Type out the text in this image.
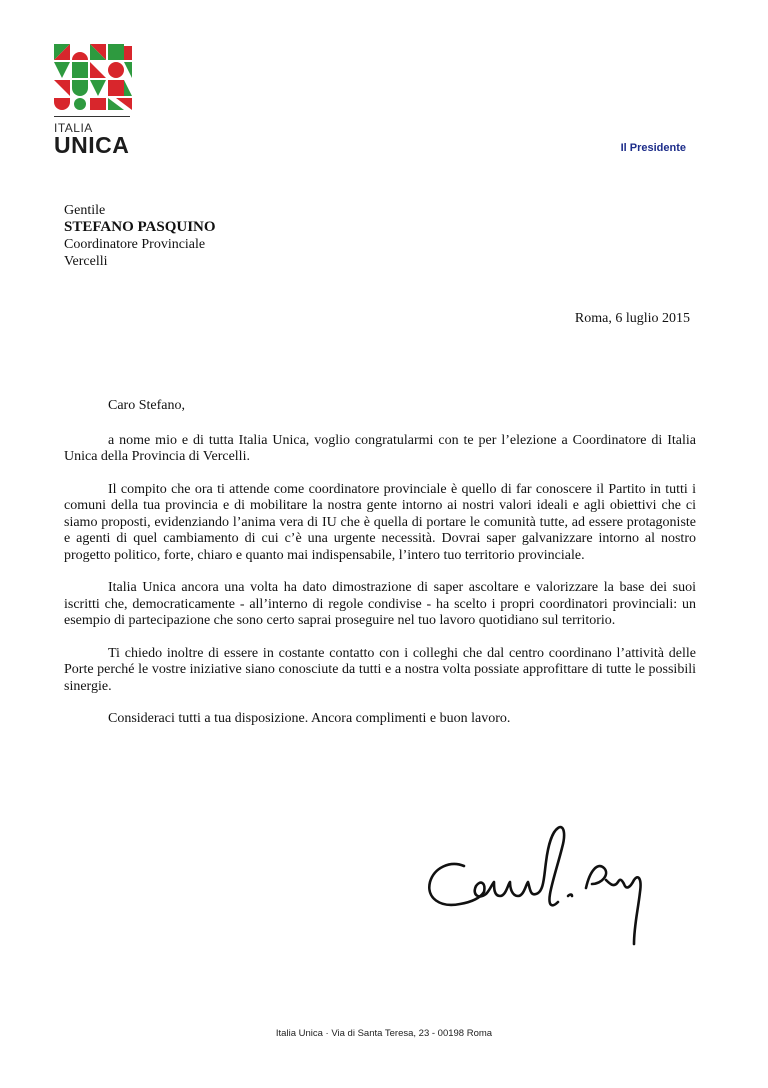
ITALIA
UNICA	Il Presidente
Gentile
STEFANO PASQUINO
Coordinatore Provinciale
Vercelli
Roma, 6 luglio 2015

Caro Stefano,

a nome mio e di tutta Italia Unica, voglio congratularmi con te per l’elezione a Coordinatore di Italia Unica della Provincia di Vercelli.

Il compito che ora ti attende come coordinatore provinciale è quello di far conoscere il Partito in tutti i comuni della tua provincia e di mobilitare la nostra gente intorno ai nostri valori ideali e agli obiettivi che ci siamo proposti, evidenziando l’anima vera di IU che è quella di portare le comunità tutte, ad essere protagoniste e agenti di quel cambiamento di cui c’è una urgente necessità. Dovrai saper galvanizzare intorno al nostro progetto politico, forte, chiaro e quanto mai indispensabile, l’intero tuo territorio provinciale.

Italia Unica ancora una volta ha dato dimostrazione di saper ascoltare e valorizzare la base dei suoi iscritti che, democraticamente - all’interno di regole condivise - ha scelto i propri coordinatori provinciali: un esempio di partecipazione che sono certo saprai proseguire nel tuo lavoro quotidiano sul territorio.

Ti chiedo inoltre di essere in costante contatto con i colleghi che dal centro coordinano l’attività delle Porte perché le vostre iniziative siano conosciute da tutti e a nostra volta possiate approfittare di tutte le possibili sinergie.

Consideraci tutti a tua disposizione. Ancora complimenti e buon lavoro.

Italia Unica · Via di Santa Teresa, 23 - 00198 Roma
